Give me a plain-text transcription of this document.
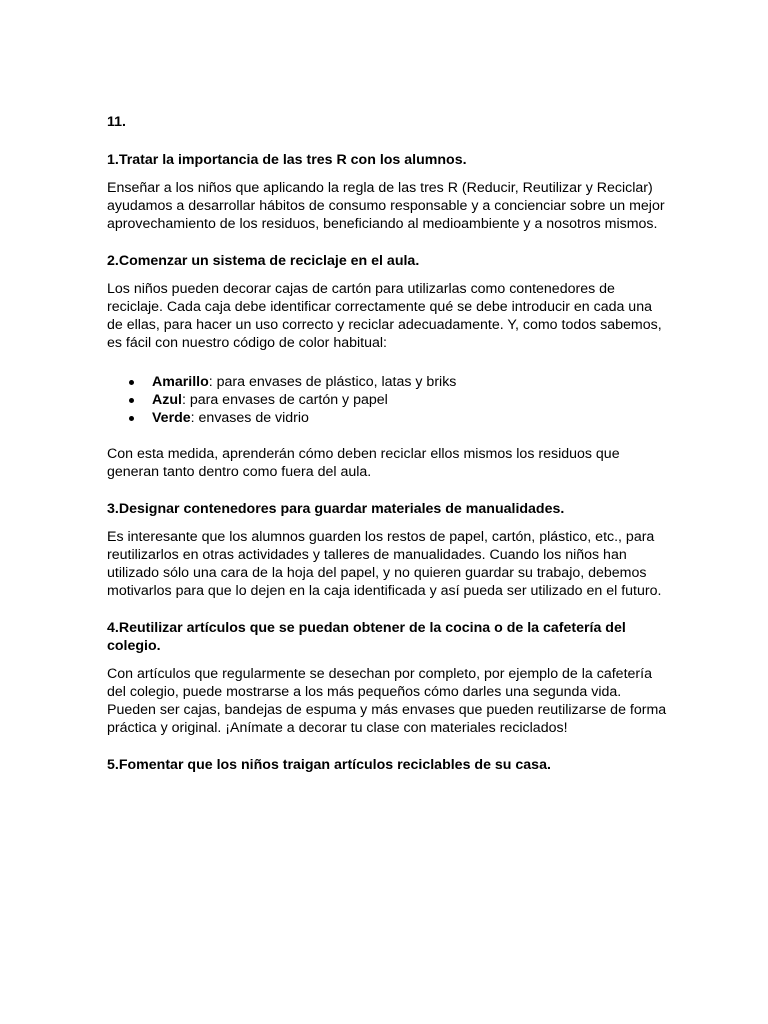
11.
1.Tratar la importancia de las tres R con los alumnos.
Enseñar a los niños que aplicando la regla de las tres R (Reducir, Reutilizar y Reciclar) ayudamos a desarrollar hábitos de consumo responsable y a concienciar sobre un mejor aprovechamiento de los residuos, beneficiando al medioambiente y a nosotros mismos.
2.Comenzar un sistema de reciclaje en el aula.
Los niños pueden decorar cajas de cartón para utilizarlas como contenedores de reciclaje. Cada caja debe identificar correctamente qué se debe introducir en cada una de ellas, para hacer un uso correcto y reciclar adecuadamente. Y, como todos sabemos, es fácil con nuestro código de color habitual:
Amarillo: para envases de plástico, latas y briks
Azul: para envases de cartón y papel
Verde: envases de vidrio
Con esta medida, aprenderán cómo deben reciclar ellos mismos los residuos que generan tanto dentro como fuera del aula.
3.Designar contenedores para guardar materiales de manualidades.
Es interesante que los alumnos guarden los restos de papel, cartón, plástico, etc., para reutilizarlos en otras actividades y talleres de manualidades. Cuando los niños han utilizado sólo una cara de la hoja del papel, y no quieren guardar su trabajo, debemos motivarlos para que lo dejen en la caja identificada y así pueda ser utilizado en el futuro.
4.Reutilizar artículos que se puedan obtener de la cocina o de la cafetería del colegio.
Con artículos que regularmente se desechan por completo, por ejemplo de la cafetería del colegio, puede mostrarse a los más pequeños cómo darles una segunda vida. Pueden ser cajas, bandejas de espuma y más envases que pueden reutilizarse de forma práctica y original. ¡Anímate a decorar tu clase con materiales reciclados!
5.Fomentar que los niños traigan artículos reciclables de su casa.
